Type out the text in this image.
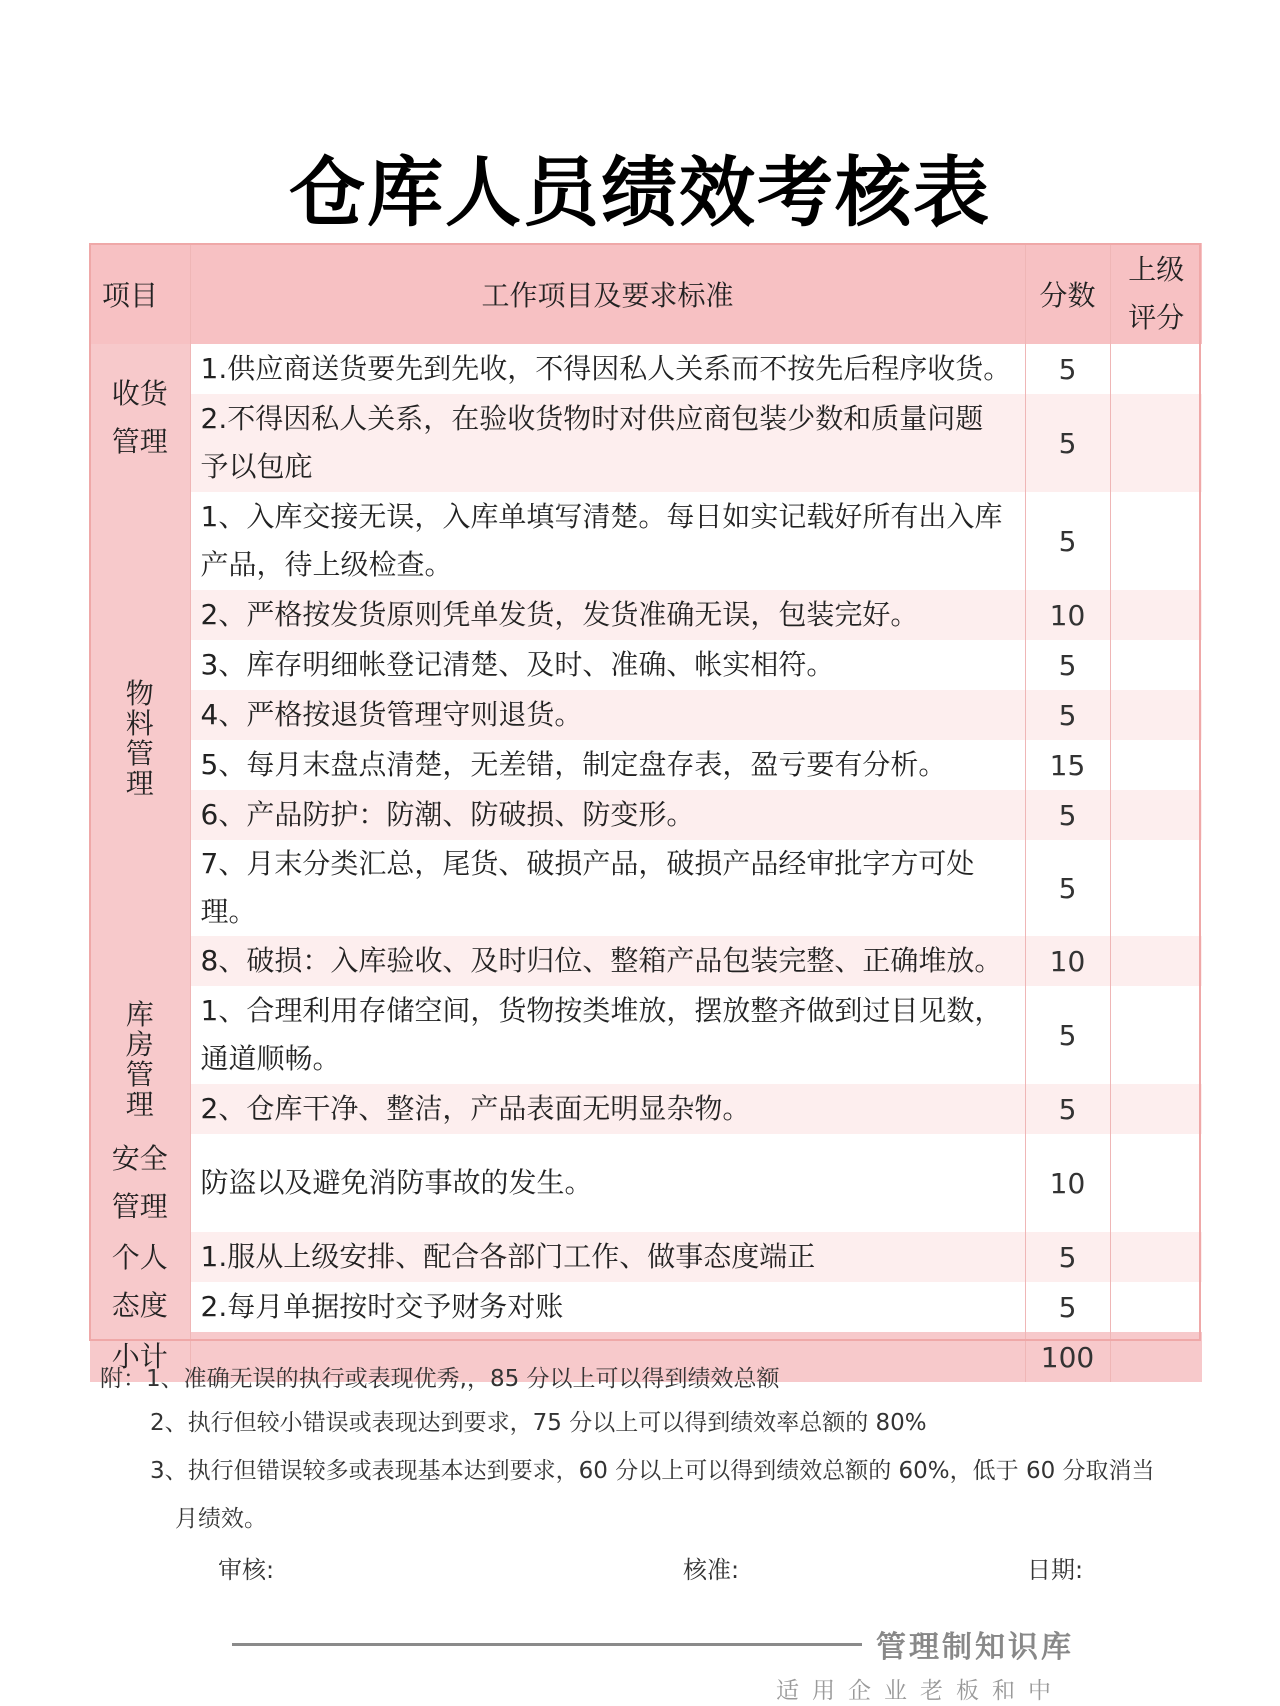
仓库人员绩效考核表
项目	工作项目及要求标准	分数	上级
评分
收货
管理	1.供应商送货要先到先收，不得因私人关系而不按先后程序收货。	5	
	2.不得因私人关系，在验收货物时对供应商包装少数和质量问题
予以包庇	5	
物
料
管
理	1、入库交接无误，入库单填写清楚。每日如实记载好所有出入库
产品，待上级检查。	5	
	2、严格按发货原则凭单发货，发货准确无误，包装完好。	10	
	3、库存明细帐登记清楚、及时、准确、帐实相符。	5	
	4、严格按退货管理守则退货。	5	
	5、每月末盘点清楚，无差错，制定盘存表，盈亏要有分析。	15	
	6、产品防护：防潮、防破损、防变形。	5	
	7、月末分类汇总，尾货、破损产品，破损产品经审批字方可处理。	5	
	8、破损：入库验收、及时归位、整箱产品包装完整、正确堆放。	10	
库
房
管
理	1、合理利用存储空间，货物按类堆放，摆放整齐做到过目见数，
通道顺畅。	5	
	2、仓库干净、整洁，产品表面无明显杂物。	5	
安全
管理	防盗以及避免消防事故的发生。	10	
个人
态度	1.服从上级安排、配合各部门工作、做事态度端正	5	
	2.每月单据按时交予财务对账	5	
小计		100	
附：1、准确无误的执行或表现优秀,，85 分以上可以得到绩效总额
2、执行但较小错误或表现达到要求，75 分以上可以得到绩效率总额的 80%
3、执行但错误较多或表现基本达到要求，60 分以上可以得到绩效总额的 60%，低于 60 分取消当
月绩效。
审核:	核准:	日期:
管理制知识库
适用企业老板和中
